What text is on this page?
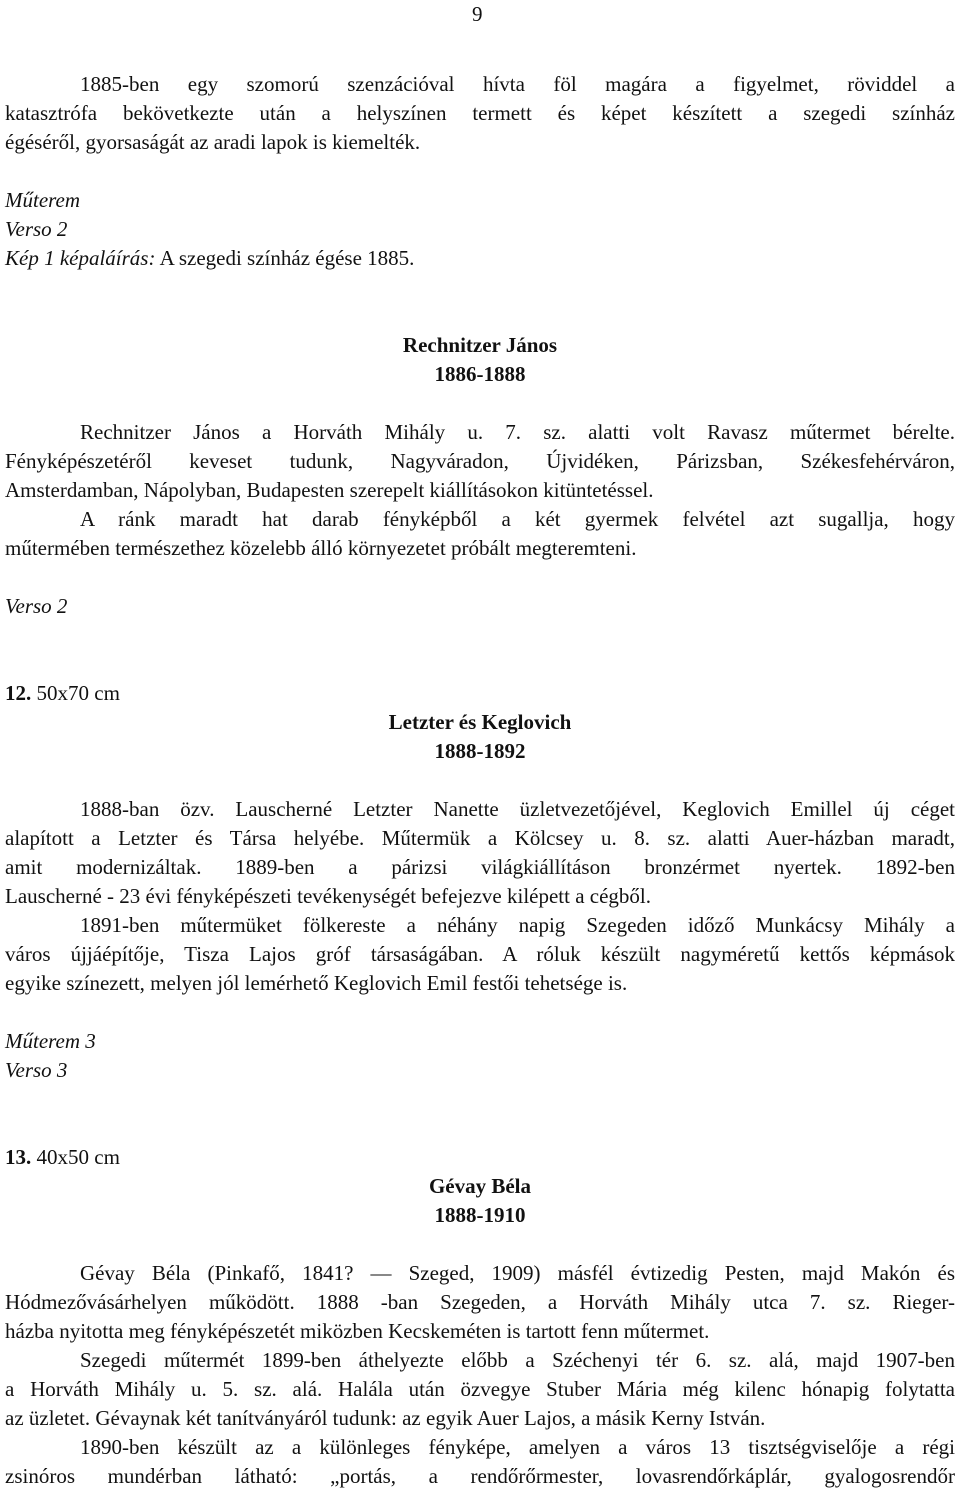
9
1885-ben egy szomorú szenzációval hívta föl magára a figyelmet, röviddel a
katasztrófa bekövetkezte után a helyszínen termett és képet készített a szegedi színház
égéséről, gyorsaságát az aradi lapok is kiemelték.
Műterem
Verso 2
Kép 1 képaláírás: A szegedi színház égése 1885.
Rechnitzer János
1886-1888
Rechnitzer János a Horváth Mihály u. 7. sz. alatti volt Ravasz műtermet bérelte.
Fényképészetéről keveset tudunk, Nagyváradon, Újvidéken, Párizsban, Székesfehérváron,
Amsterdamban, Nápolyban, Budapesten szerepelt kiállításokon kitüntetéssel.
A ránk maradt hat darab fényképből a két gyermek felvétel azt sugallja, hogy
műtermében természethez közelebb álló környezetet próbált megteremteni.
Verso 2
12. 50x70 cm
Letzter és Keglovich
1888-1892
1888-ban özv. Lauscherné Letzter Nanette üzletvezetőjével, Keglovich Emillel új céget
alapított a Letzter és Társa helyébe. Műtermük a Kölcsey u. 8. sz. alatti Auer-házban maradt,
amit modernizáltak. 1889-ben a párizsi világkiállításon bronzérmet nyertek. 1892-ben
Lauscherné - 23 évi fényképészeti tevékenységét befejezve kilépett a cégből.
1891-ben műtermüket fölkereste a néhány napig Szegeden időző Munkácsy Mihály a
város újjáépítője, Tisza Lajos gróf társaságában. A róluk készült nagyméretű kettős képmások
egyike színezett, melyen jól lemérhető Keglovich Emil festői tehetsége is.
Műterem 3
Verso 3
13. 40x50 cm
Gévay Béla
1888-1910
Gévay Béla (Pinkafő, 1841? — Szeged, 1909) másfél évtizedig Pesten, majd Makón és
Hódmezővásárhelyen működött. 1888 -ban Szegeden, a Horváth Mihály utca 7. sz. Rieger-
házba nyitotta meg fényképészetét miközben Kecskeméten is tartott fenn műtermet.
Szegedi műtermét 1899-ben áthelyezte előbb a Széchenyi tér 6. sz. alá, majd 1907-ben
a Horváth Mihály u. 5. sz. alá. Halála után özvegye Stuber Mária még kilenc hónapig folytatta
az üzletet. Gévaynak két tanítványáról tudunk: az egyik Auer Lajos, a másik Kerny István.
1890-ben készült az a különleges fényképe, amelyen a város 13 tisztségviselője a régi
zsinóros mundérban látható: „portás, a rendőrőrmester, lovasrendőrkáplár, gyalogosrendőr
